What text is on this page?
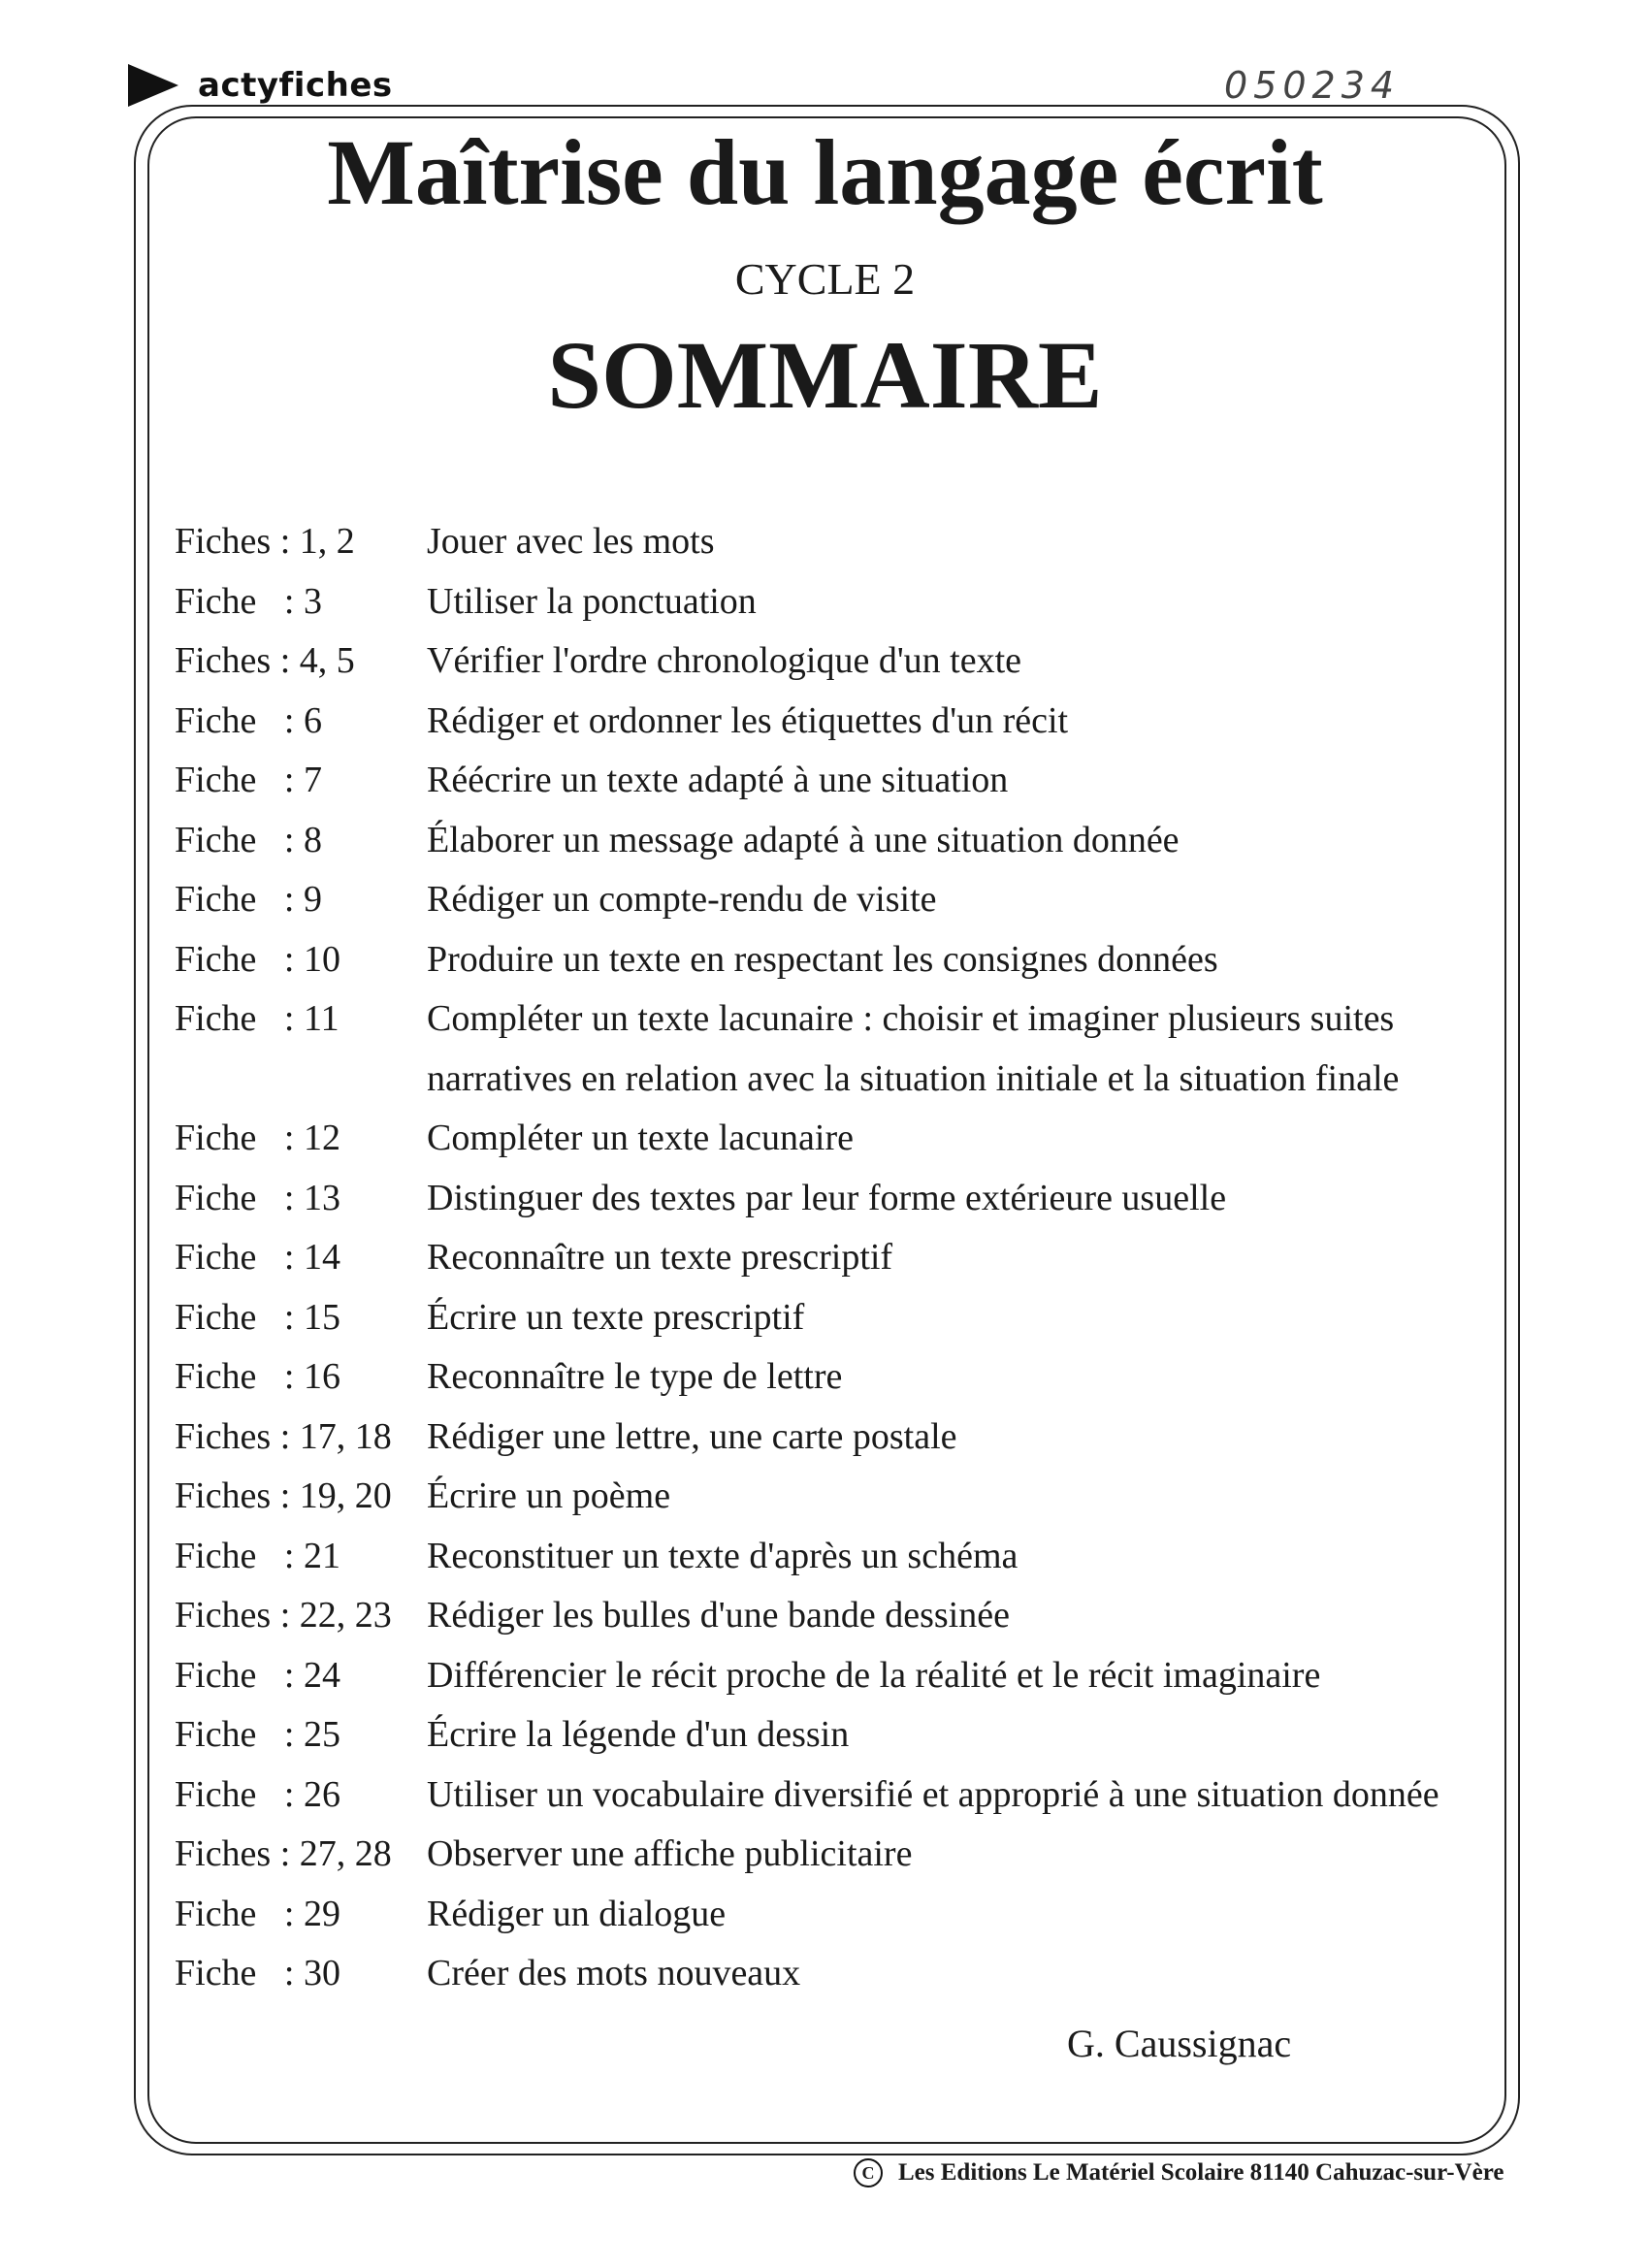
actyfiches	050234
Maîtrise du langage écrit
CYCLE 2
SOMMAIRE
Fiches : 1, 2	Jouer avec les mots
Fiche   : 3	Utiliser la ponctuation
Fiches : 4, 5	Vérifier l'ordre chronologique d'un texte
Fiche   : 6	Rédiger et ordonner les étiquettes d'un récit
Fiche   : 7	Réécrire un texte adapté à une situation
Fiche   : 8	Élaborer un message adapté à une situation donnée
Fiche   : 9	Rédiger un compte-rendu de visite
Fiche   : 10	Produire un texte en respectant les consignes données
Fiche   : 11	Compléter un texte lacunaire : choisir et imaginer plusieurs suites
narratives en relation avec la situation initiale et la situation finale
Fiche   : 12	Compléter un texte lacunaire
Fiche   : 13	Distinguer des textes par leur forme extérieure usuelle
Fiche   : 14	Reconnaître un texte prescriptif
Fiche   : 15	Écrire un texte prescriptif
Fiche   : 16	Reconnaître le type de lettre
Fiches : 17, 18 Rédiger une lettre, une carte postale
Fiches : 19, 20 Écrire un poème
Fiche   : 21	Reconstituer un texte d'après un schéma
Fiches : 22, 23 Rédiger les bulles d'une bande dessinée
Fiche   : 24	Différencier le récit proche de la réalité et le récit imaginaire
Fiche   : 25	Écrire la légende d'un dessin
Fiche   : 26	Utiliser un vocabulaire diversifié et approprié à une situation donnée
Fiches : 27, 28 Observer une affiche publicitaire
Fiche   : 29	Rédiger un dialogue
Fiche   : 30	Créer des mots nouveaux
G. Caussignac
C Les Editions Le Matériel Scolaire 81140 Cahuzac-sur-Vère
